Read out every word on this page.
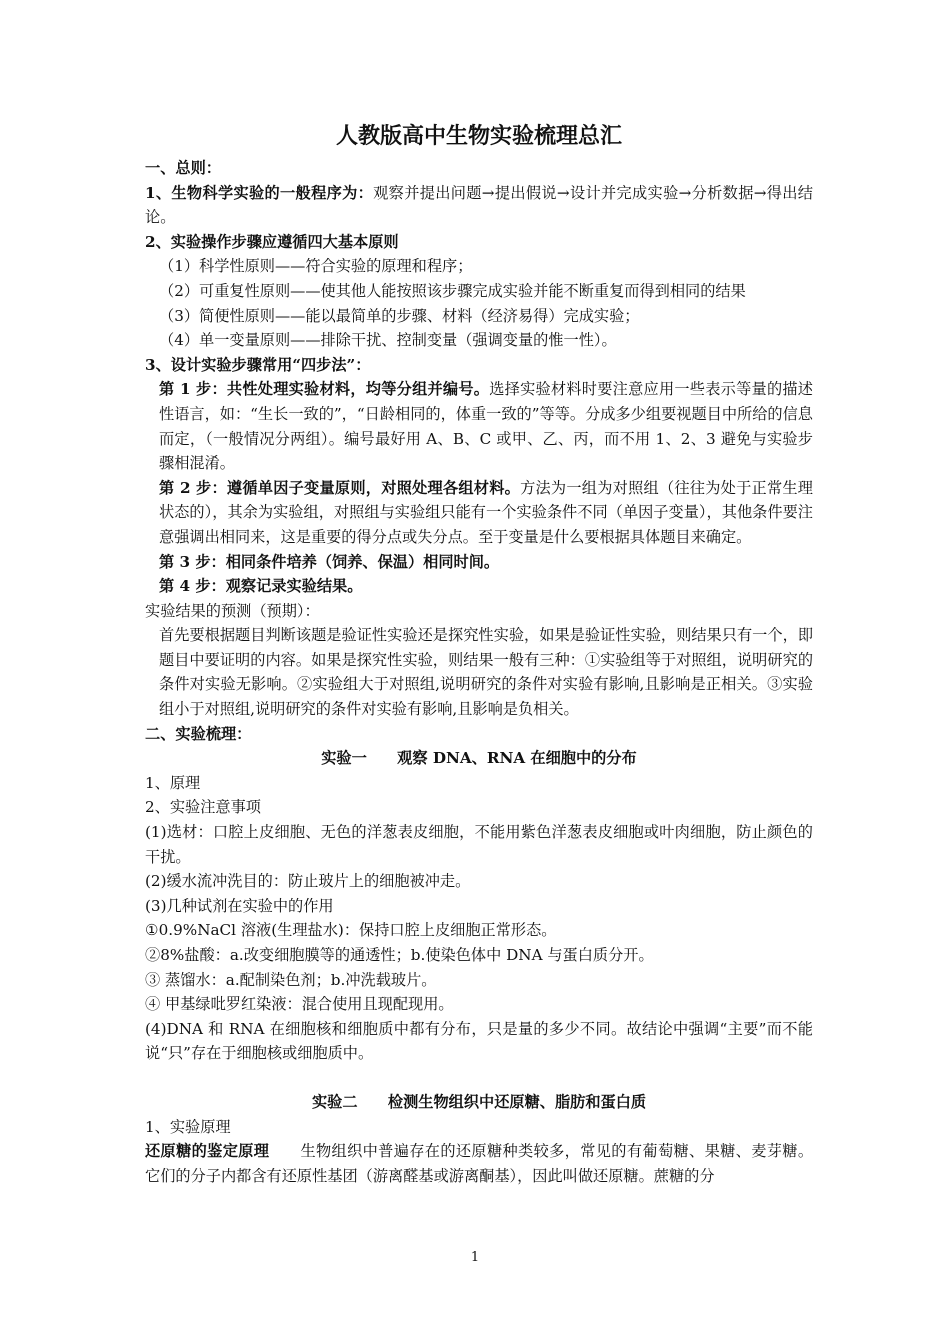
人教版高中生物实验梳理总汇

一、总则：

1、生物科学实验的一般程序为：观察并提出问题→提出假说→设计并完成实验→分析数据→得出结论。

2、实验操作步骤应遵循四大基本原则

（1）科学性原则——符合实验的原理和程序；

（2）可重复性原则——使其他人能按照该步骤完成实验并能不断重复而得到相同的结果

（3）简便性原则——能以最简单的步骤、材料（经济易得）完成实验；

（4）单一变量原则——排除干扰、控制变量（强调变量的惟一性）。

3、设计实验步骤常用“四步法”：

第 1 步：共性处理实验材料，均等分组并编号。选择实验材料时要注意应用一些表示等量的描述性语言，如：“生长一致的”，“日龄相同的，体重一致的”等等。分成多少组要视题目中所给的信息而定，（一般情况分两组）。编号最好用 A、B、C 或甲、乙、丙，而不用 1、2、3 避免与实验步骤相混淆。

第 2 步：遵循单因子变量原则，对照处理各组材料。方法为一组为对照组（往往为处于正常生理状态的），其余为实验组，对照组与实验组只能有一个实验条件不同（单因子变量），其他条件要注意强调出相同来，这是重要的得分点或失分点。至于变量是什么要根据具体题目来确定。

第 3 步：相同条件培养（饲养、保温）相同时间。

第 4 步：观察记录实验结果。

实验结果的预测（预期）：

首先要根据题目判断该题是验证性实验还是探究性实验，如果是验证性实验，则结果只有一个，即题目中要证明的内容。如果是探究性实验，则结果一般有三种：①实验组等于对照组，说明研究的条件对实验无影响。②实验组大于对照组,说明研究的条件对实验有影响,且影响是正相关。③实验组小于对照组,说明研究的条件对实验有影响,且影响是负相关。

二、实验梳理：

实验一　　观察 DNA、RNA 在细胞中的分布

1、原理

2、实验注意事项

(1)选材：口腔上皮细胞、无色的洋葱表皮细胞，不能用紫色洋葱表皮细胞或叶肉细胞，防止颜色的干扰。

(2)缓水流冲洗目的：防止玻片上的细胞被冲走。

(3)几种试剂在实验中的作用

①0.9%NaCl 溶液(生理盐水)：保持口腔上皮细胞正常形态。

②8%盐酸：a.改变细胞膜等的通透性；b.使染色体中 DNA 与蛋白质分开。

③ 蒸馏水：a.配制染色剂；b.冲洗载玻片。

④ 甲基绿吡罗红染液：混合使用且现配现用。

(4)DNA 和 RNA 在细胞核和细胞质中都有分布，只是量的多少不同。故结论中强调“主要”而不能说“只”存在于细胞核或细胞质中。

实验二　　检测生物组织中还原糖、脂肪和蛋白质

1、实验原理

还原糖的鉴定原理　　生物组织中普遍存在的还原糖种类较多，常见的有葡萄糖、果糖、麦芽糖。它们的分子内都含有还原性基团（游离醛基或游离酮基），因此叫做还原糖。蔗糖的分

1
